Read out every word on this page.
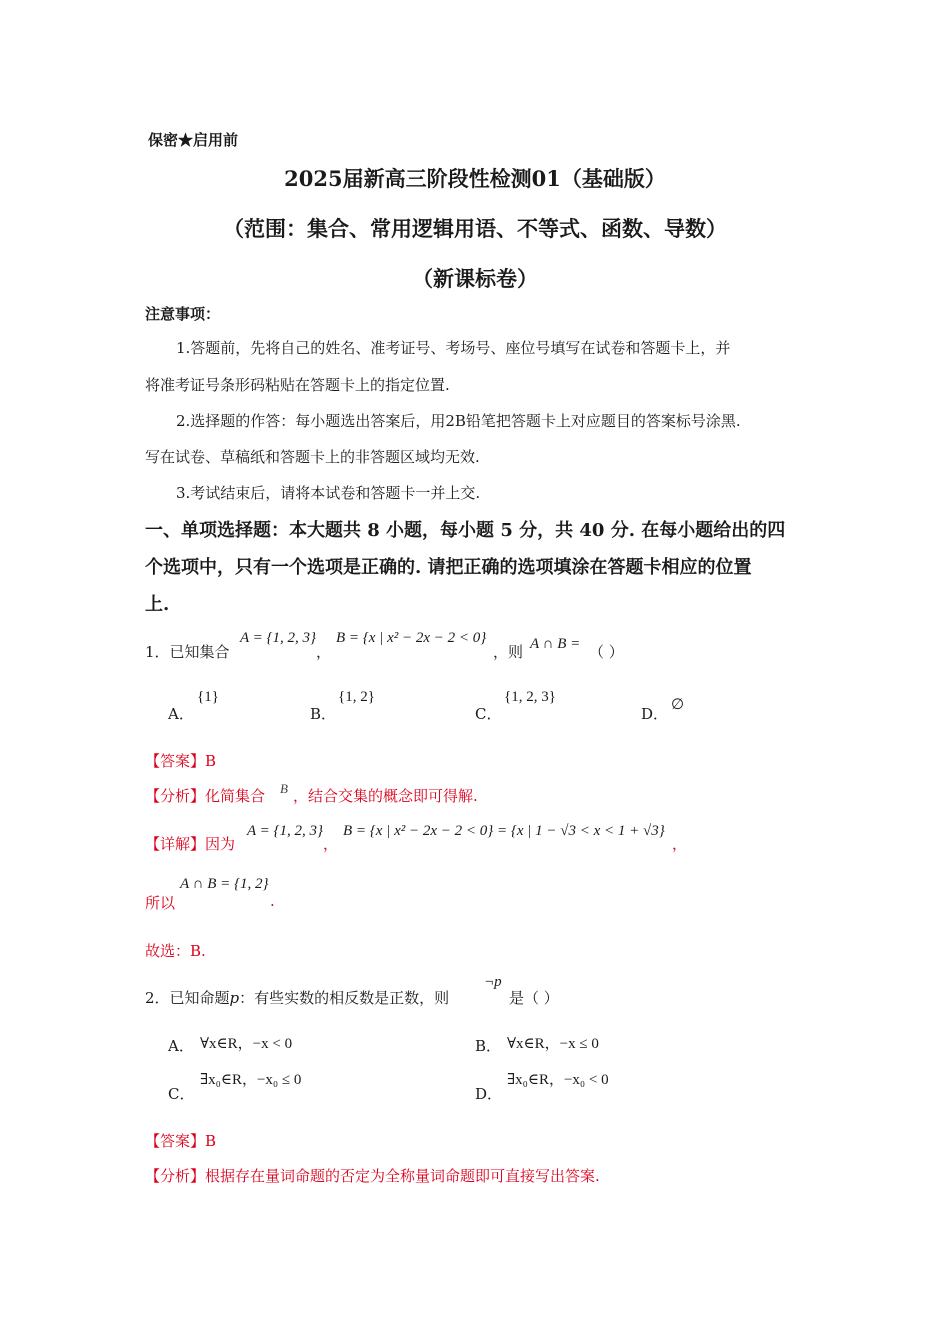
保密★启用前
2025届新高三阶段性检测01（基础版）
（范围：集合、常用逻辑用语、不等式、函数、导数）
（新课标卷）
注意事项：
1.答题前，先将自己的姓名、准考证号、考场号、座位号填写在试卷和答题卡上，并
将准考证号条形码粘贴在答题卡上的指定位置.
2.选择题的作答：每小题选出答案后，用2B铅笔把答题卡上对应题目的答案标号涂黑.
写在试卷、草稿纸和答题卡上的非答题区域均无效.
3.考试结束后，请将本试卷和答题卡一并上交.
一、单项选择题：本大题共 8 小题，每小题 5 分，共 40 分. 在每小题给出的四
个选项中，只有一个选项是正确的. 请把正确的选项填涂在答题卡相应的位置
上.
1．已知集合
A = {1, 2, 3}
，
B = {x | x² − 2x − 2 < 0}
，则 A ∩ B = （ ）
A．
{1}
B．
{1, 2}
C．
{1, 2, 3}
D． ∅
【答案】B
【分析】化简集合 B ，结合交集的概念即可得解.
【详解】因为
A = {1, 2, 3}
，
B = {x | x² − 2x − 2 < 0} = {x | 1 − √3 < x < 1 + √3}
，
A ∩ B = {1, 2}
所以	.
故选：B.
2．已知命题p：有些实数的相反数是正数，则
¬p
是（ ）
A． ∀x∈R，−x < 0	B． ∀x∈R，−x ≤ 0
C．
∃x₀∈R，−x₀ ≤ 0
D．
∃x₀∈R，−x₀ < 0
【答案】B
【分析】根据存在量词命题的否定为全称量词命题即可直接写出答案.
